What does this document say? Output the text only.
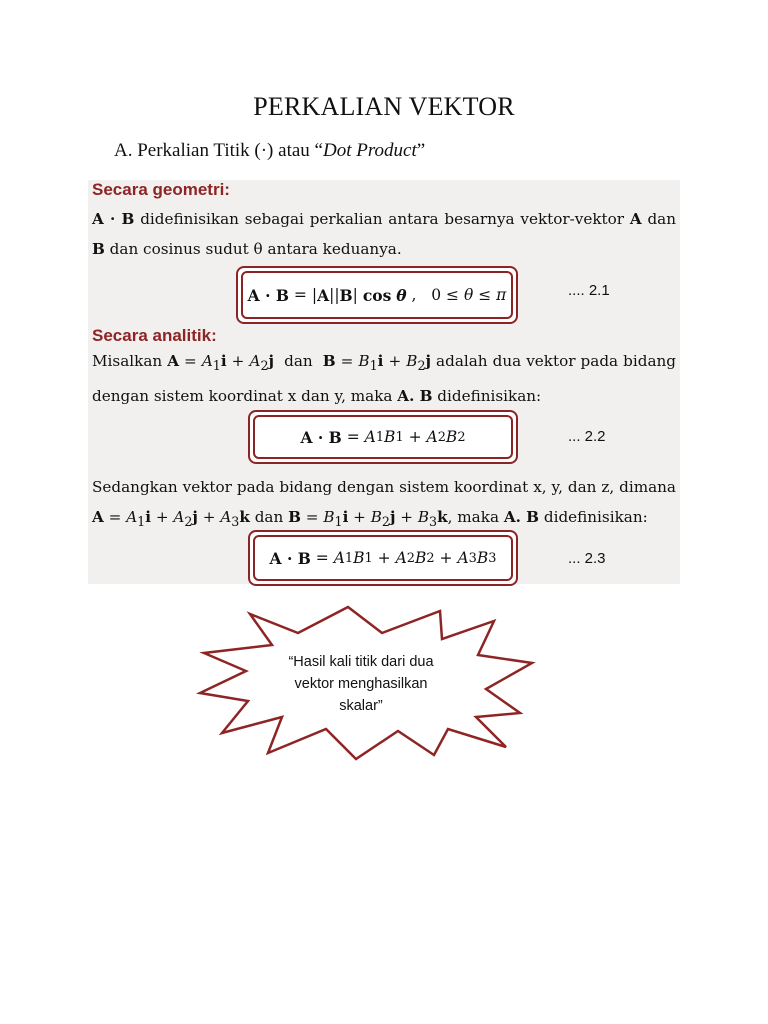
PERKALIAN VEKTOR
A. Perkalian Titik (·) atau “Dot Product”
Secara geometri:
A · B didefinisikan sebagai perkalian antara besarnya vektor-vektor A dan B dan cosinus sudut θ antara keduanya.
A · B = | A || B | cos
θ ,   0 ≤ θ ≤ π	.... 2.1
Secara analitik:
Misalkan $A = A_1i + A_2j$  dan  $B = B_1i + B_2j$ adalah dua vektor pada bidang dengan sistem koordinat x dan y, maka A. B didefinisikan:
A · B = A 1 B 1 + A 2 B 2	... 2.2
Sedangkan vektor pada bidang dengan sistem koordinat x, y, dan z, dimana $A = A_1i + A_2j + A_3k$ dan $B = B_1i + B_2j + B_3k$, maka A. B didefinisikan:
A · B = A 1 B 1 + A 2 B 2 + A 3 B 3	... 2.3
“Hasil kali titik dari dua
vektor menghasilkan
skalar”
